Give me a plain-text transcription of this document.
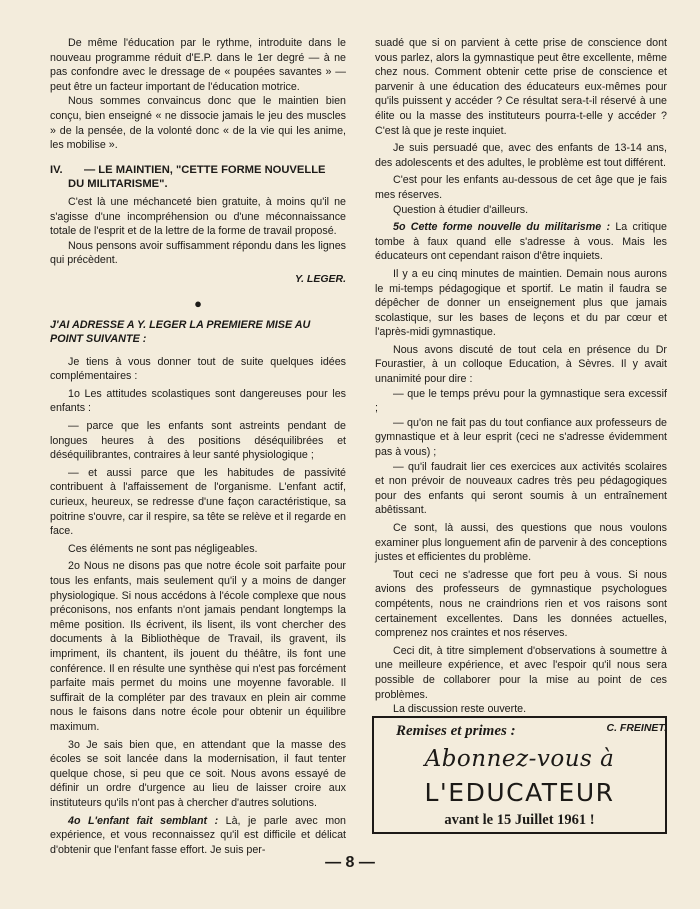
De même l'éducation par le rythme, introduite dans le nouveau programme réduit d'E.P. dans le 1er degré — à ne pas confondre avec le dressage de « poupées savantes » — peut être un facteur important de l'éducation motrice.

Nous sommes convaincus donc que le maintien bien conçu, bien enseigné « ne dissocie jamais le jeu des muscles » de la pensée, de la volonté donc « de la vie qui les anime, les mobilise ».

IV. — LE MAINTIEN, "CETTE FORME NOUVELLE
DU MILITARISME".

C'est là une méchanceté bien gratuite, à moins qu'il ne s'agisse d'une incompréhension ou d'une méconnaissance totale de l'esprit et de la lettre de la forme de travail proposé.

Nous pensons avoir suffisamment répondu dans les lignes qui précèdent.

Y. LEGER.

●

J'AI ADRESSE A Y. LEGER LA PREMIERE MISE AU POINT SUIVANTE :

Je tiens à vous donner tout de suite quelques idées complémentaires :

1o Les attitudes scolastiques sont dangereuses pour les enfants :

— parce que les enfants sont astreints pendant de longues heures à des positions déséquilibrées et déséquilibrantes, contraires à leur santé physiologique ;

— et aussi parce que les habitudes de passivité contribuent à l'affaissement de l'organisme. L'enfant actif, curieux, heureux, se redresse d'une façon caractéristique, sa poitrine s'ouvre, car il respire, sa tête se relève et il regarde en face.

Ces éléments ne sont pas négligeables.

2o Nous ne disons pas que notre école soit parfaite pour tous les enfants, mais seulement qu'il y a moins de danger physiologique. Si nous accédons à l'école complexe que nous préconisons, nos enfants n'ont jamais pendant longtemps la même position. Ils écrivent, ils lisent, ils vont chercher des documents à la Bibliothèque de Travail, ils gravent, ils impriment, ils chantent, ils jouent du théâtre, ils font une conférence. Il en résulte une synthèse qui n'est pas forcément parfaite mais permet du moins une moyenne favorable. Il suffirait de la compléter par des travaux en plein air comme nous le faisons dans notre école pour obtenir un équilibre maximum.

3o Je sais bien que, en attendant que la masse des écoles se soit lancée dans la modernisation, il faut tenter quelque chose, si peu que ce soit. Nous avons essayé de définir un ordre d'urgence au lieu de laisser croire aux instituteurs qu'ils n'ont pas à chercher d'autres solutions.

4o L'enfant fait semblant : Là, je parle avec mon expérience, et vous reconnaissez qu'il est difficile et délicat d'obtenir que l'enfant fasse effort. Je suis per-

suadé que si on parvient à cette prise de conscience dont vous parlez, alors la gymnastique peut être excellente, même chez nous. Comment obtenir cette prise de conscience et parvenir à une éducation des éducateurs eux-mêmes pour qu'ils puissent y accéder ? Ce résultat sera-t-il réservé à une élite ou la masse des instituteurs pourra-t-elle y accéder ? C'est là que je reste inquiet.

Je suis persuadé que, avec des enfants de 13-14 ans, des adolescents et des adultes, le problème est tout différent.

C'est pour les enfants au-dessous de cet âge que je fais mes réserves.

Question à étudier d'ailleurs.

5o Cette forme nouvelle du militarisme : La critique tombe à faux quand elle s'adresse à vous. Mais les éducateurs ont cependant raison d'être inquiets.

Il y a eu cinq minutes de maintien. Demain nous aurons le mi-temps pédagogique et sportif. Le matin il faudra se dépêcher de donner un enseignement plus que jamais scolastique, sur les bases de leçons et du par cœur et l'après-midi gymnastique.

Nous avons discuté de tout cela en présence du Dr Fourastier, à un colloque Education, à Sèvres. Il y avait unanimité pour dire :

— que le temps prévu pour la gymnastique sera excessif ;

— qu'on ne fait pas du tout confiance aux professeurs de gymnastique et à leur esprit (ceci ne s'adresse évidemment pas à vous) ;

— qu'il faudrait lier ces exercices aux activités scolaires et non prévoir de nouveaux cadres très peu pédagogiques pour des enfants qui seront soumis à un entraînement abêtissant.

Ce sont, là aussi, des questions que nous voulons examiner plus longuement afin de parvenir à des conceptions justes et efficientes du problème.

Tout ceci ne s'adresse que fort peu à vous. Si nous avions des professeurs de gymnastique psychologues compétents, nous ne craindrions rien et vos raisons sont certainement excellentes. Dans les données actuelles, comprenez nos craintes et nos réserves.

Ceci dit, à titre simplement d'observations à soumettre à une meilleure expérience, et avec l'espoir qu'il nous sera possible de collaborer pour la mise au point de ces problèmes.

La discussion reste ouverte.

C. FREINET.

Remises et primes :
Abonnez-vous à
L'EDUCATEUR
avant le 15 Juillet 1961 !
— 8 —
